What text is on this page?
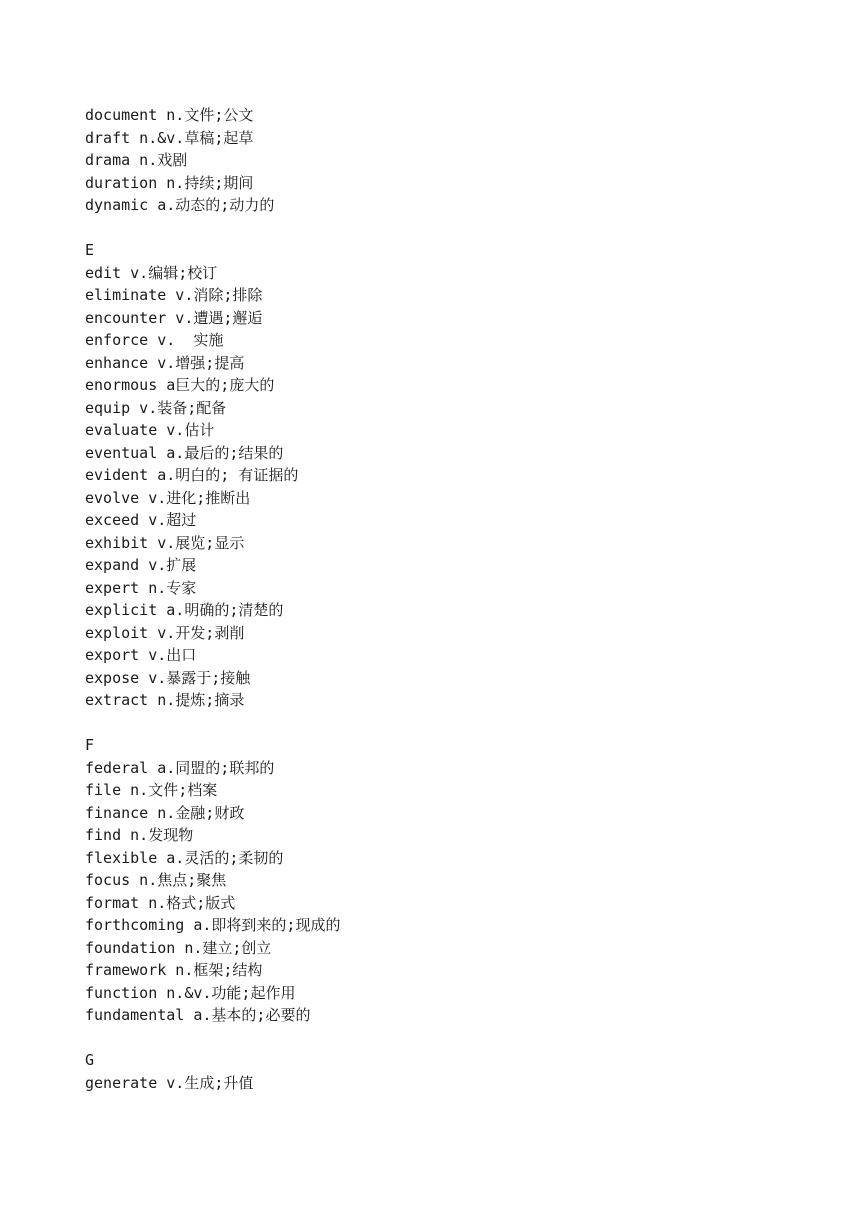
document n.文件;公文
draft n.&v.草稿;起草
drama n.戏剧
duration n.持续;期间
dynamic a.动态的;动力的
E
edit v.编辑;校订
eliminate v.消除;排除
encounter v.遭遇;邂逅
enforce v.  实施
enhance v.增强;提高
enormous a巨大的;庞大的
equip v.装备;配备
evaluate v.估计
eventual a.最后的;结果的
evident a.明白的; 有证据的
evolve v.进化;推断出
exceed v.超过
exhibit v.展览;显示
expand v.扩展
expert n.专家
explicit a.明确的;清楚的
exploit v.开发;剥削
export v.出口
expose v.暴露于;接触
extract n.提炼;摘录
F
federal a.同盟的;联邦的
file n.文件;档案
finance n.金融;财政
find n.发现物
flexible a.灵活的;柔韧的
focus n.焦点;聚焦
format n.格式;版式
forthcoming a.即将到来的;现成的
foundation n.建立;创立
framework n.框架;结构
function n.&v.功能;起作用
fundamental a.基本的;必要的
G
generate v.生成;升值
